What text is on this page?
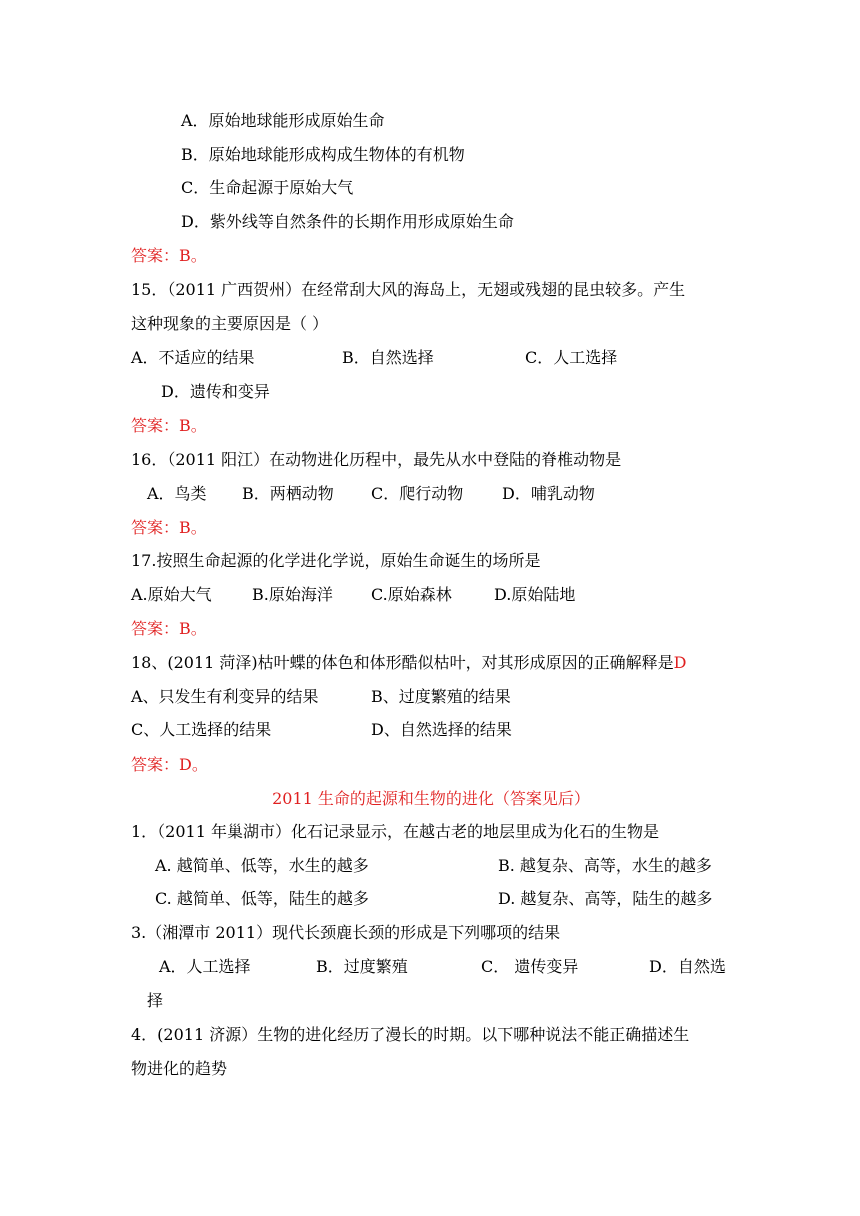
A．原始地球能形成原始生命
B．原始地球能形成构成生物体的有机物
C．生命起源于原始大气
D．紫外线等自然条件的长期作用形成原始生命
答案：B。
15．（2011 广西贺州）在经常刮大风的海岛上，无翅或残翅的昆虫较多。产生
这种现象的主要原因是（ ）
A．不适应的结果	B．自然选择	C．人工选择
D．遗传和变异
答案：B。
16．（2011 阳江）在动物进化历程中，最先从水中登陆的脊椎动物是
A．鸟类 B．两栖动物 C．爬行动物 D．哺乳动物
答案：B。
17.按照生命起源的化学进化学说，原始生命诞生的场所是
A.原始大气	B.原始海洋 C.原始森林	D.原始陆地
答案：B。
18、(2011 菏泽)枯叶蝶的体色和体形酷似枯叶，对其形成原因的正确解释是D
A、只发生有利变异的结果	B、过度繁殖的结果
C、人工选择的结果	D、自然选择的结果
答案：D。
2011 生命的起源和生物的进化（答案见后）
1．（2011 年巢湖市）化石记录显示，在越古老的地层里成为化石的生物是
A. 越简单、低等，水生的越多	B. 越复杂、高等，水生的越多
C. 越简单、低等，陆生的越多	D. 越复杂、高等，陆生的越多
3.（湘潭市 2011）现代长颈鹿长颈的形成是下列哪项的结果
A．人工选择	B．过度繁殖	C． 遗传变异	D．自然选
择
4．(2011 济源）生物的进化经历了漫长的时期。以下哪种说法不能正确描述生
物进化的趋势
